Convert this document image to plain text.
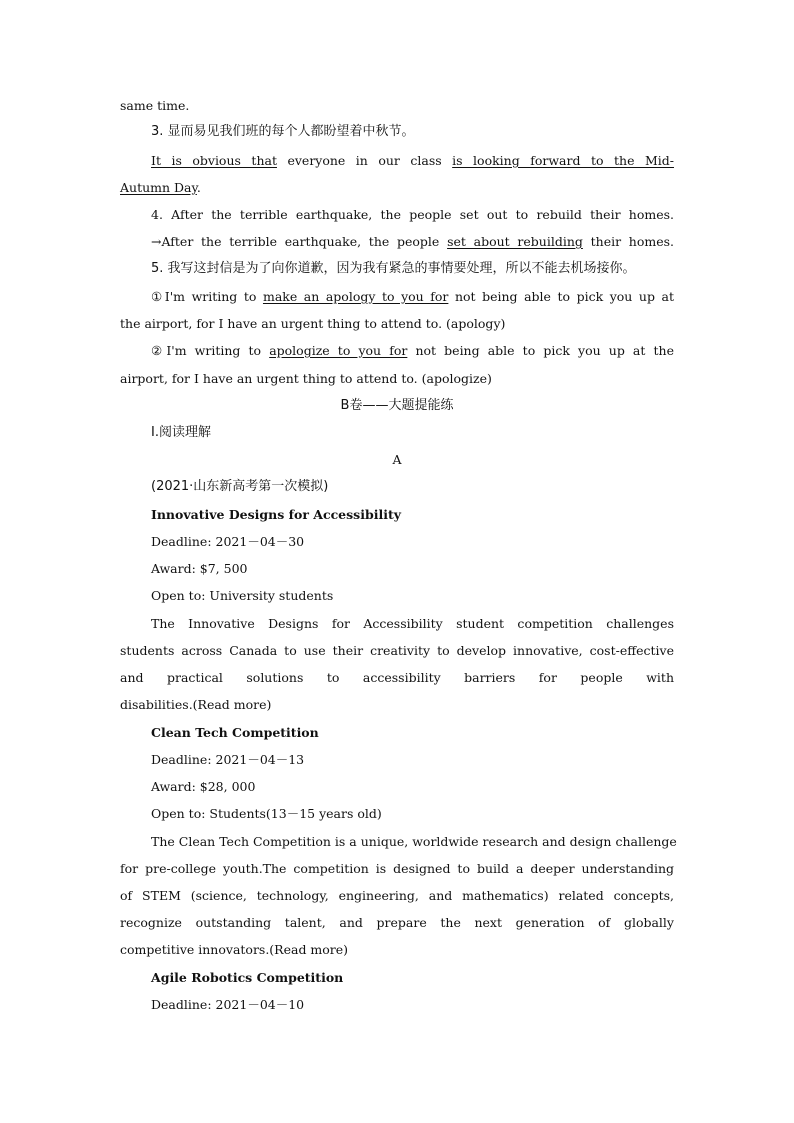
same time.
3. 显而易见我们班的每个人都盼望着中秋节。
It is obvious that everyone in our class is looking forward to the Mid-
Autumn Day.
4. After the terrible earthquake, the people set out to rebuild their homes.
→After the terrible earthquake, the people set about rebuilding their homes.
5. 我写这封信是为了向你道歉，因为我有紧急的事情要处理，所以不能去机场接你。
①I'm writing to make an apology to you for not being able to pick you up at
the airport, for I have an urgent thing to attend to. (apology)
②I'm writing to apologize to you for not being able to pick you up at the
airport, for I have an urgent thing to attend to. (apologize)
B卷——大题提能练
Ⅰ.阅读理解
A
(2021·山东新高考第一次模拟)
Innovative Designs for Accessibility
Deadline: 2021－04－30
Award: $7, 500
Open to: University students
The Innovative Designs for Accessibility student competition challenges
students across Canada to use their creativity to develop innovative, cost-effective
and practical solutions to accessibility barriers for people with
disabilities.(Read more)
Clean Tech Competition
Deadline: 2021－04－13
Award: $28, 000
Open to: Students(13－15 years old)
The Clean Tech Competition is a unique, worldwide research and design challenge
for pre-college youth.The competition is designed to build a deeper understanding
of STEM (science, technology, engineering, and mathematics) related concepts,
recognize outstanding talent, and prepare the next generation of globally
competitive innovators.(Read more)
Agile Robotics Competition
Deadline: 2021－04－10
